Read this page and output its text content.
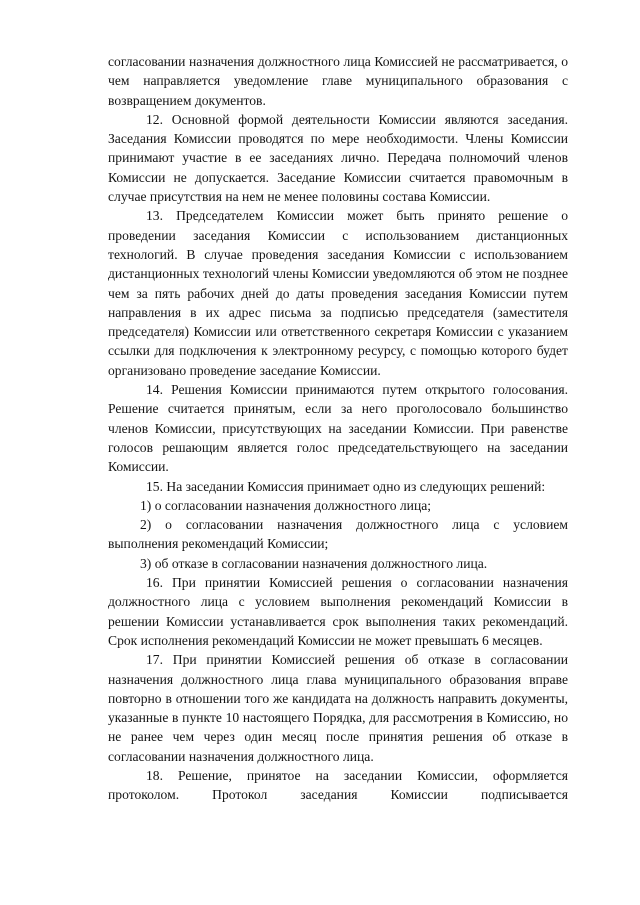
согласовании назначения должностного лица Комиссией не рассматривается, о чем направляется уведомление главе муниципального образования с возвращением документов.

12. Основной формой деятельности Комиссии являются заседания. Заседания Комиссии проводятся по мере необходимости. Члены Комиссии принимают участие в ее заседаниях лично. Передача полномочий членов Комиссии не допускается. Заседание Комиссии считается правомочным в случае присутствия на нем не менее половины состава Комиссии.

13. Председателем Комиссии может быть принято решение о проведении заседания Комиссии с использованием дистанционных технологий. В случае проведения заседания Комиссии с использованием дистанционных технологий члены Комиссии уведомляются об этом не позднее чем за пять рабочих дней до даты проведения заседания Комиссии путем направления в их адрес письма за подписью председателя (заместителя председателя) Комиссии или ответственного секретаря Комиссии с указанием ссылки для подключения к электронному ресурсу, с помощью которого будет организовано проведение заседание Комиссии.

14. Решения Комиссии принимаются путем открытого голосования. Решение считается принятым, если за него проголосовало большинство членов Комиссии, присутствующих на заседании Комиссии. При равенстве голосов решающим является голос председательствующего на заседании Комиссии.

15. На заседании Комиссия принимает одно из следующих решений:

1) о согласовании назначения должностного лица;

2) о согласовании назначения должностного лица с условием выполнения рекомендаций Комиссии;

3) об отказе в согласовании назначения должностного лица.

16. При принятии Комиссией решения о согласовании назначения должностного лица с условием выполнения рекомендаций Комиссии в решении Комиссии устанавливается срок выполнения таких рекомендаций. Срок исполнения рекомендаций Комиссии не может превышать 6 месяцев.

17. При принятии Комиссией решения об отказе в согласовании назначения должностного лица глава муниципального образования вправе повторно в отношении того же кандидата на должность направить документы, указанные в пункте 10 настоящего Порядка, для рассмотрения в Комиссию, но не ранее чем через один месяц после принятия решения об отказе в согласовании назначения должностного лица.

18. Решение, принятое на заседании Комиссии, оформляется протоколом. Протокол заседания Комиссии подписывается
